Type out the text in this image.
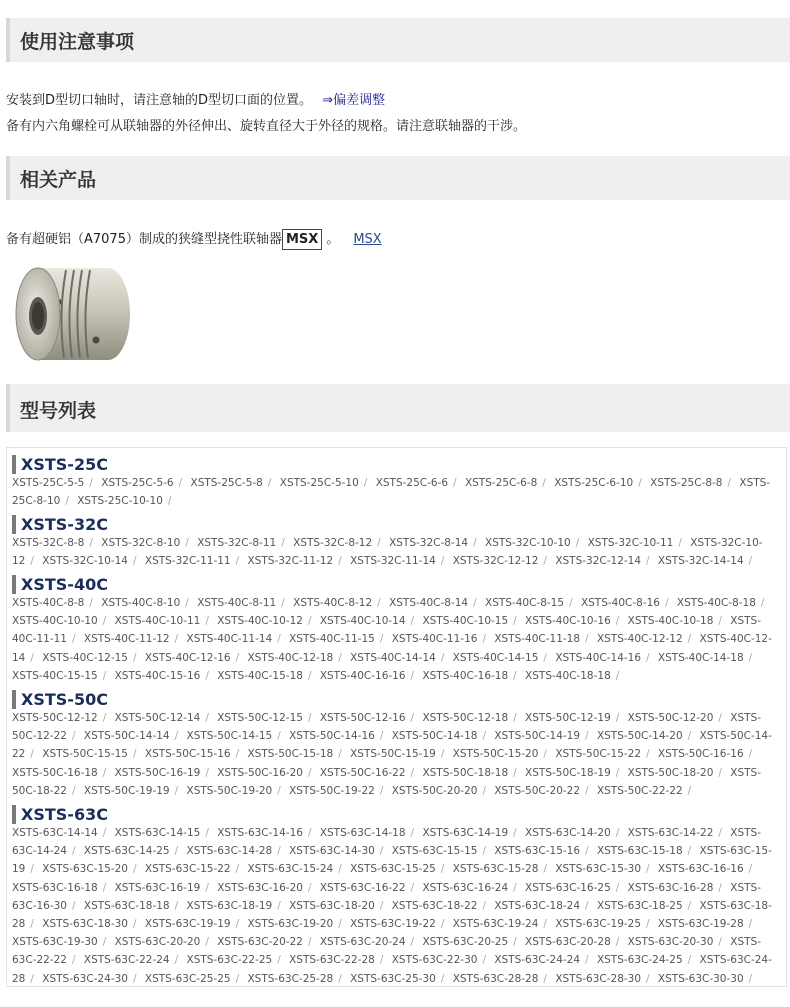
使用注意事项
安装到D型切口轴时，请注意轴的D型切口面的位置。 ⇒偏差调整
备有内六角螺栓可从联轴器的外径伸出、旋转直径大于外径的规格。请注意联轴器的干涉。
相关产品
备有超硬铝（A7075）制成的狭缝型挠性联轴器 MSX 。 MSX
型号列表
XSTS-25C
XSTS-25C-5-5 / XSTS-25C-5-6 / XSTS-25C-5-8 / XSTS-25C-5-10 / XSTS-25C-6-6 / XSTS-25C-6-8 / XSTS-25C-6-10 / XSTS-25C-8-8 / XSTS-25C-8-10 / XSTS-25C-10-10 /
XSTS-32C
XSTS-32C-8-8 / XSTS-32C-8-10 / XSTS-32C-8-11 / XSTS-32C-8-12 / XSTS-32C-8-14 / XSTS-32C-10-10 / XSTS-32C-10-11 / XSTS-32C-10-12 / XSTS-32C-10-14 / XSTS-32C-11-11 / XSTS-32C-11-12 / XSTS-32C-11-14 / XSTS-32C-12-12 / XSTS-32C-12-14 / XSTS-32C-14-14 /
XSTS-40C
XSTS-40C-8-8 / XSTS-40C-8-10 / XSTS-40C-8-11 / XSTS-40C-8-12 / XSTS-40C-8-14 / XSTS-40C-8-15 / XSTS-40C-8-16 / XSTS-40C-8-18 / XSTS-40C-10-10 / XSTS-40C-10-11 / XSTS-40C-10-12 / XSTS-40C-10-14 / XSTS-40C-10-15 / XSTS-40C-10-16 / XSTS-40C-10-18 / XSTS-40C-11-11 / XSTS-40C-11-12 / XSTS-40C-11-14 / XSTS-40C-11-15 / XSTS-40C-11-16 / XSTS-40C-11-18 / XSTS-40C-12-12 / XSTS-40C-12-14 / XSTS-40C-12-15 / XSTS-40C-12-16 / XSTS-40C-12-18 / XSTS-40C-14-14 / XSTS-40C-14-15 / XSTS-40C-14-16 / XSTS-40C-14-18 / XSTS-40C-15-15 / XSTS-40C-15-16 / XSTS-40C-15-18 / XSTS-40C-16-16 / XSTS-40C-16-18 / XSTS-40C-18-18 /
XSTS-50C
XSTS-50C-12-12 / XSTS-50C-12-14 / XSTS-50C-12-15 / XSTS-50C-12-16 / XSTS-50C-12-18 / XSTS-50C-12-19 / XSTS-50C-12-20 / XSTS-50C-12-22 / XSTS-50C-14-14 / XSTS-50C-14-15 / XSTS-50C-14-16 / XSTS-50C-14-18 / XSTS-50C-14-19 / XSTS-50C-14-20 / XSTS-50C-14-22 / XSTS-50C-15-15 / XSTS-50C-15-16 / XSTS-50C-15-18 / XSTS-50C-15-19 / XSTS-50C-15-20 / XSTS-50C-15-22 / XSTS-50C-16-16 / XSTS-50C-16-18 / XSTS-50C-16-19 / XSTS-50C-16-20 / XSTS-50C-16-22 / XSTS-50C-18-18 / XSTS-50C-18-19 / XSTS-50C-18-20 / XSTS-50C-18-22 / XSTS-50C-19-19 / XSTS-50C-19-20 / XSTS-50C-19-22 / XSTS-50C-20-20 / XSTS-50C-20-22 / XSTS-50C-22-22 /
XSTS-63C
XSTS-63C-14-14 / XSTS-63C-14-15 / XSTS-63C-14-16 / XSTS-63C-14-18 / XSTS-63C-14-19 / XSTS-63C-14-20 / XSTS-63C-14-22 / XSTS-63C-14-24 / XSTS-63C-14-25 / XSTS-63C-14-28 / XSTS-63C-14-30 / XSTS-63C-15-15 / XSTS-63C-15-16 / XSTS-63C-15-18 / XSTS-63C-15-19 / XSTS-63C-15-20 / XSTS-63C-15-22 / XSTS-63C-15-24 / XSTS-63C-15-25 / XSTS-63C-15-28 / XSTS-63C-15-30 / XSTS-63C-16-16 / XSTS-63C-16-18 / XSTS-63C-16-19 / XSTS-63C-16-20 / XSTS-63C-16-22 / XSTS-63C-16-24 / XSTS-63C-16-25 / XSTS-63C-16-28 / XSTS-63C-16-30 / XSTS-63C-18-18 / XSTS-63C-18-19 / XSTS-63C-18-20 / XSTS-63C-18-22 / XSTS-63C-18-24 / XSTS-63C-18-25 / XSTS-63C-18-28 / XSTS-63C-18-30 / XSTS-63C-19-19 / XSTS-63C-19-20 / XSTS-63C-19-22 / XSTS-63C-19-24 / XSTS-63C-19-25 / XSTS-63C-19-28 / XSTS-63C-19-30 / XSTS-63C-20-20 / XSTS-63C-20-22 / XSTS-63C-20-24 / XSTS-63C-20-25 / XSTS-63C-20-28 / XSTS-63C-20-30 / XSTS-63C-22-22 / XSTS-63C-22-24 / XSTS-63C-22-25 / XSTS-63C-22-28 / XSTS-63C-22-30 / XSTS-63C-24-24 / XSTS-63C-24-25 / XSTS-63C-24-28 / XSTS-63C-24-30 / XSTS-63C-25-25 / XSTS-63C-25-28 / XSTS-63C-25-30 / XSTS-63C-28-28 / XSTS-63C-28-30 / XSTS-63C-30-30 /
